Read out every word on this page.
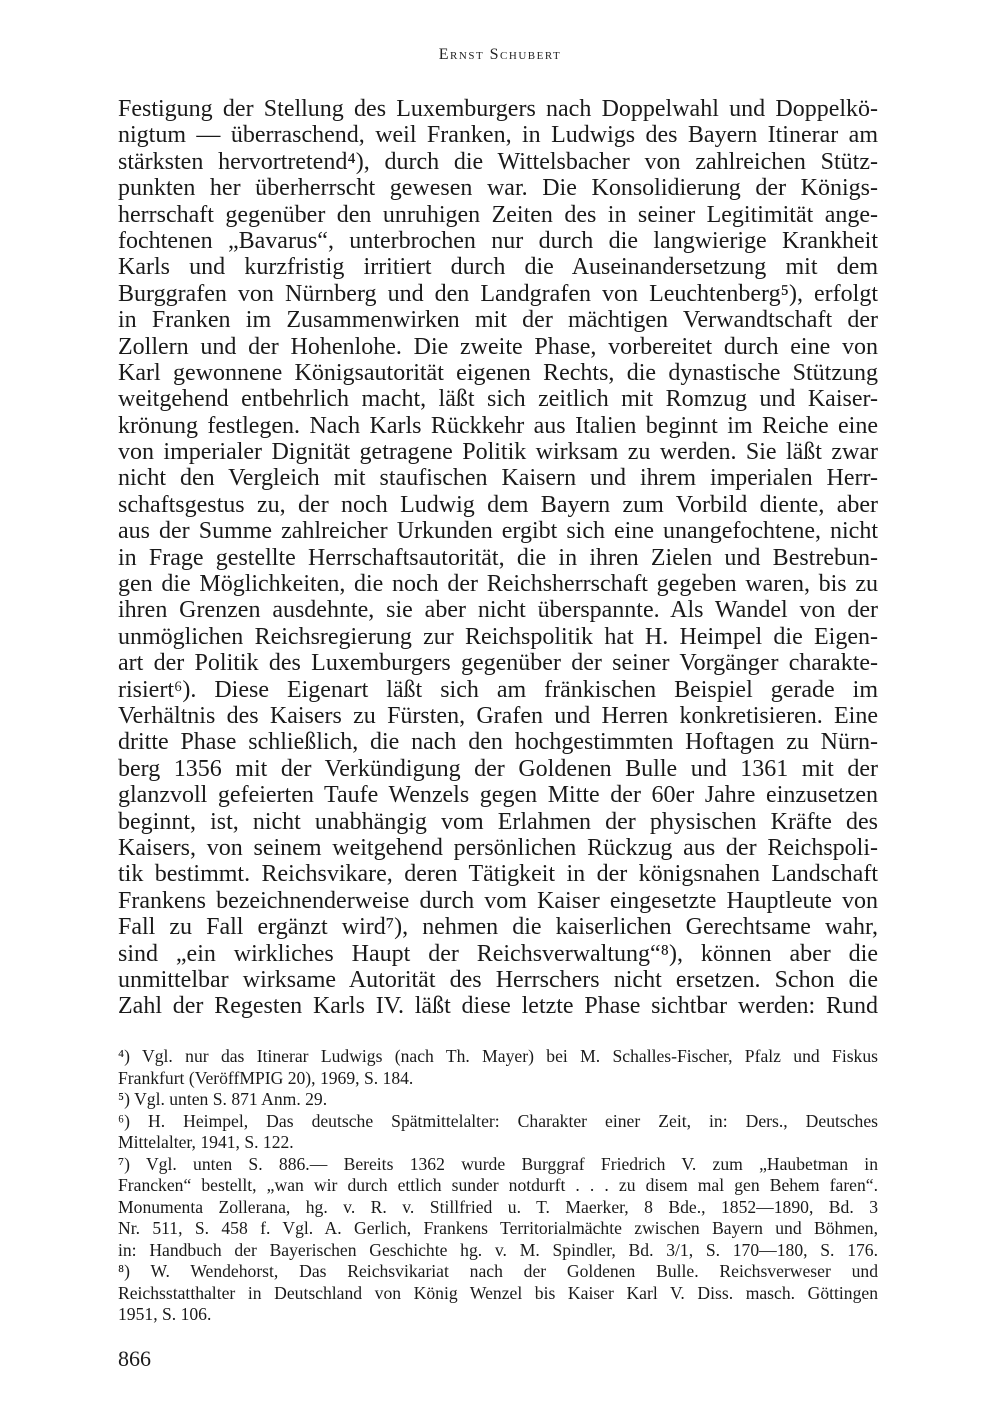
Ernst Schubert
Festigung der Stellung des Luxemburgers nach Doppelwahl und Doppelkö-
nigtum — überraschend, weil Franken, in Ludwigs des Bayern Itinerar am
stärksten hervortretend⁴), durch die Wittelsbacher von zahlreichen Stütz-
punkten her überherrscht gewesen war. Die Konsolidierung der Königs-
herrschaft gegenüber den unruhigen Zeiten des in seiner Legitimität ange-
fochtenen „Bavarus“, unterbrochen nur durch die langwierige Krankheit
Karls und kurzfristig irritiert durch die Auseinandersetzung mit dem
Burggrafen von Nürnberg und den Landgrafen von Leuchtenberg⁵), erfolgt
in Franken im Zusammenwirken mit der mächtigen Verwandtschaft der
Zollern und der Hohenlohe. Die zweite Phase, vorbereitet durch eine von
Karl gewonnene Königsautorität eigenen Rechts, die dynastische Stützung
weitgehend entbehrlich macht, läßt sich zeitlich mit Romzug und Kaiser-
krönung festlegen. Nach Karls Rückkehr aus Italien beginnt im Reiche eine
von imperialer Dignität getragene Politik wirksam zu werden. Sie läßt zwar
nicht den Vergleich mit staufischen Kaisern und ihrem imperialen Herr-
schaftsgestus zu, der noch Ludwig dem Bayern zum Vorbild diente, aber
aus der Summe zahlreicher Urkunden ergibt sich eine unangefochtene, nicht
in Frage gestellte Herrschaftsautorität, die in ihren Zielen und Bestrebun-
gen die Möglichkeiten, die noch der Reichsherrschaft gegeben waren, bis zu
ihren Grenzen ausdehnte, sie aber nicht überspannte. Als Wandel von der
unmöglichen Reichsregierung zur Reichspolitik hat H. Heimpel die Eigen-
art der Politik des Luxemburgers gegenüber der seiner Vorgänger charakte-
risiert⁶). Diese Eigenart läßt sich am fränkischen Beispiel gerade im
Verhältnis des Kaisers zu Fürsten, Grafen und Herren konkretisieren. Eine
dritte Phase schließlich, die nach den hochgestimmten Hoftagen zu Nürn-
berg 1356 mit der Verkündigung der Goldenen Bulle und 1361 mit der
glanzvoll gefeierten Taufe Wenzels gegen Mitte der 60er Jahre einzusetzen
beginnt, ist, nicht unabhängig vom Erlahmen der physischen Kräfte des
Kaisers, von seinem weitgehend persönlichen Rückzug aus der Reichspoli-
tik bestimmt. Reichsvikare, deren Tätigkeit in der königsnahen Landschaft
Frankens bezeichnenderweise durch vom Kaiser eingesetzte Hauptleute von
Fall zu Fall ergänzt wird⁷), nehmen die kaiserlichen Gerechtsame wahr,
sind „ein wirkliches Haupt der Reichsverwaltung“⁸), können aber die
unmittelbar wirksame Autorität des Herrschers nicht ersetzen. Schon die
Zahl der Regesten Karls IV. läßt diese letzte Phase sichtbar werden: Rund
⁴) Vgl. nur das Itinerar Ludwigs (nach Th. Mayer) bei M. Schalles-Fischer, Pfalz und Fiskus
Frankfurt (VeröffMPIG 20), 1969, S. 184.
⁵) Vgl. unten S. 871 Anm. 29.
⁶) H. Heimpel, Das deutsche Spätmittelalter: Charakter einer Zeit, in: Ders., Deutsches
Mittelalter, 1941, S. 122.
⁷) Vgl. unten S. 886.— Bereits 1362 wurde Burggraf Friedrich V. zum „Haubetman in
Francken“ bestellt, „wan wir durch ettlich sunder notdurft . . . zu disem mal gen Behem faren“.
Monumenta Zollerana, hg. v. R. v. Stillfried u. T. Maerker, 8 Bde., 1852—1890, Bd. 3
Nr. 511, S. 458 f. Vgl. A. Gerlich, Frankens Territorialmächte zwischen Bayern und Böhmen,
in: Handbuch der Bayerischen Geschichte hg. v. M. Spindler, Bd. 3/1, S. 170—180, S. 176.
⁸) W. Wendehorst, Das Reichsvikariat nach der Goldenen Bulle. Reichsverweser und
Reichsstatthalter in Deutschland von König Wenzel bis Kaiser Karl V. Diss. masch. Göttingen
1951, S. 106.
866
